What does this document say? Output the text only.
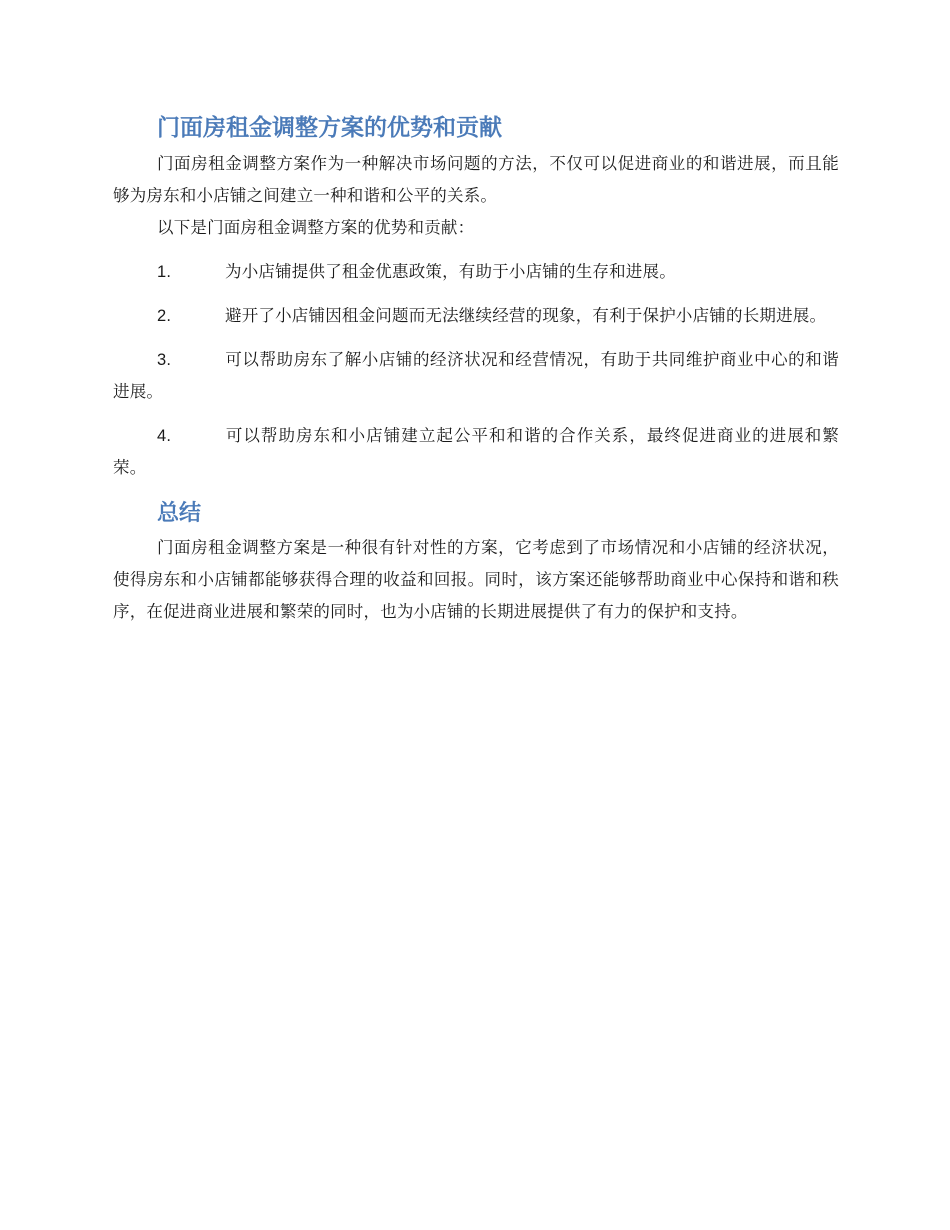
门面房租金调整方案的优势和贡献

门面房租金调整方案作为一种解决市场问题的方法，不仅可以促进商业的和谐进展，而且能够为房东和小店铺之间建立一种和谐和公平的关系。

以下是门面房租金调整方案的优势和贡献：

1.	为小店铺提供了租金优惠政策，有助于小店铺的生存和进展。
2.	避开了小店铺因租金问题而无法继续经营的现象，有利于保护小店铺的长期进展。
3.	可以帮助房东了解小店铺的经济状况和经营情况，有助于共同维护商业中心的和谐进展。
4.	可以帮助房东和小店铺建立起公平和和谐的合作关系，最终促进商业的进展和繁荣。
总结

门面房租金调整方案是一种很有针对性的方案，它考虑到了市场情况和小店铺的经济状况，使得房东和小店铺都能够获得合理的收益和回报。同时，该方案还能够帮助商业中心保持和谐和秩序，在促进商业进展和繁荣的同时，也为小店铺的长期进展提供了有力的保护和支持。
